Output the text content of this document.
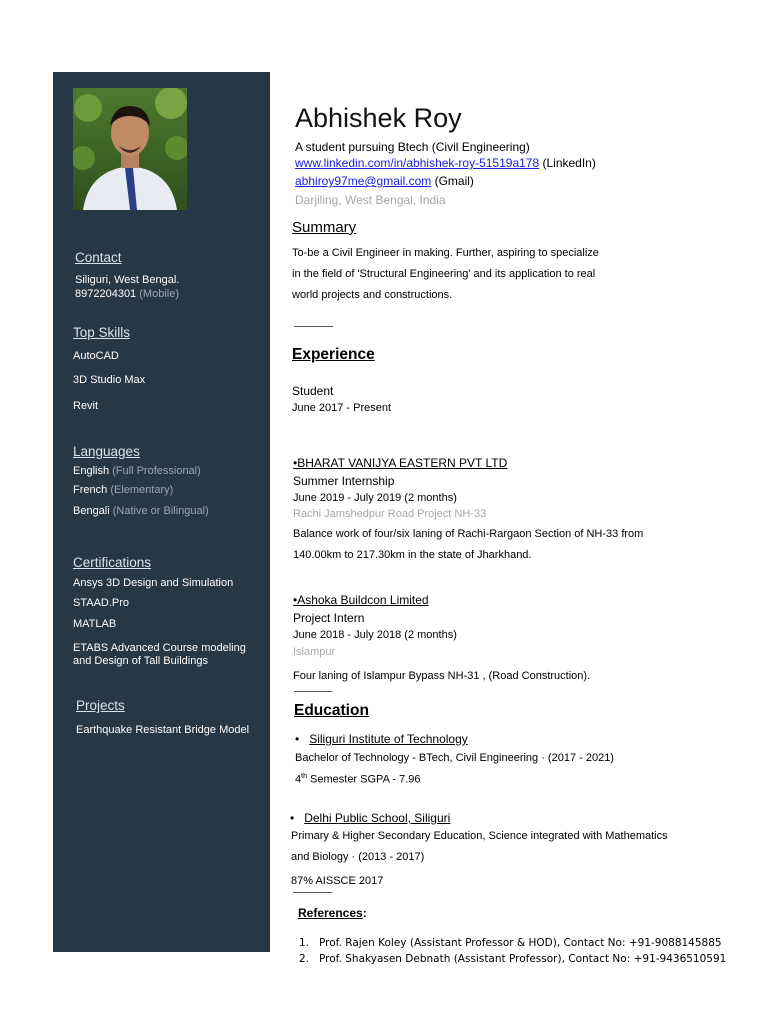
Contact
Siliguri, West Bengal.
8972204301 (Mobile)
Top Skills
AutoCAD
3D Studio Max
Revit
Languages
English (Full Professional)
French (Elementary)
Bengali (Native or Bilingual)
Certifications
Ansys 3D Design and Simulation
STAAD.Pro
MATLAB
ETABS Advanced Course modeling
and Design of Tall Buildings
Projects
Earthquake Resistant Bridge Model
Abhishek Roy
A student pursuing Btech (Civil Engineering)
www.linkedin.com/in/abhishek-roy-51519a178 (LinkedIn)
abhiroy97me@gmail.com (Gmail)
Darjiling, West Bengal, India
Summary
To-be a Civil Engineer in making. Further, aspiring to specialize
in the field of 'Structural Engineering' and its application to real
world projects and constructions.
Experience
Student
June 2017 - Present
•BHARAT VANIJYA EASTERN PVT LTD
Summer Internship
June 2019 - July 2019 (2 months)
Rachi Jamshedpur Road Project NH-33
Balance work of four/six laning of Rachi-Rargaon Section of NH-33 from
140.00km to 217.30km in the state of Jharkhand.
•Ashoka Buildcon Limited
Project Intern
June 2018 - July 2018 (2 months)
Islampur
Four laning of Islampur Bypass NH-31 , (Road Construction).
Education
• Siliguri Institute of Technology
Bachelor of Technology - BTech, Civil Engineering · (2017 - 2021)
4th Semester SGPA - 7.96
• Delhi Public School, Siliguri
Primary & Higher Secondary Education, Science integrated with Mathematics
and Biology · (2013 - 2017)
87% AISSCE 2017
References:
1. Prof. Rajen Koley (Assistant Professor & HOD), Contact No: +91-9088145885
2. Prof. Shakyasen Debnath (Assistant Professor), Contact No: +91-9436510591
